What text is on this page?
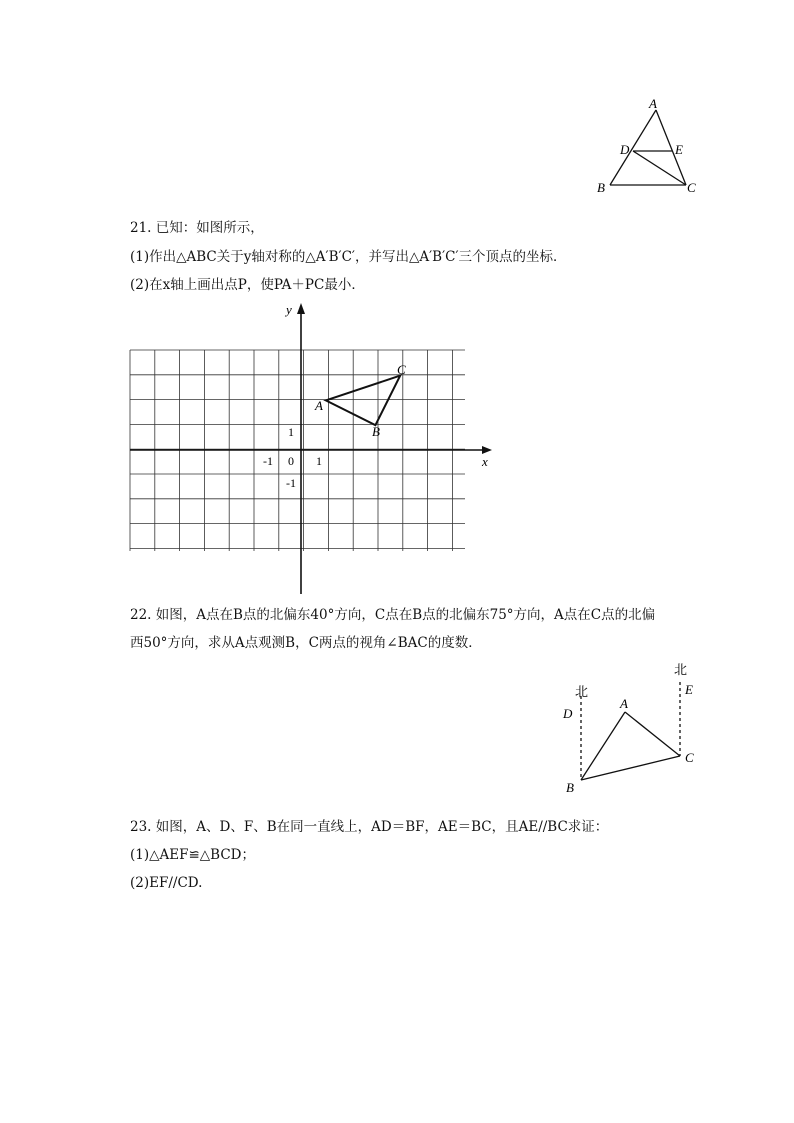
A
D	E
B	C
21. 已知：如图所示，
(1)作出△ABC关于y轴对称的△A′B′C′，并写出△A′B′C′三个顶点的坐标．
(2)在x轴上画出点P，使PA＋PC最小．
x
y
-1 0 1
1
-1
A
B
C
22. 如图，A点在B点的北偏东40°方向，C点在B点的北偏东75°方向，A点在C点的北偏
西50°方向，求从A点观测B，C两点的视角∠BAC的度数．
北
北
D
E
A
B
C
23. 如图，A、D、F、B在同一直线上，AD＝BF，AE＝BC，且AE//BC求证：
(1)△AEF≌△BCD；
(2)EF//CD.
